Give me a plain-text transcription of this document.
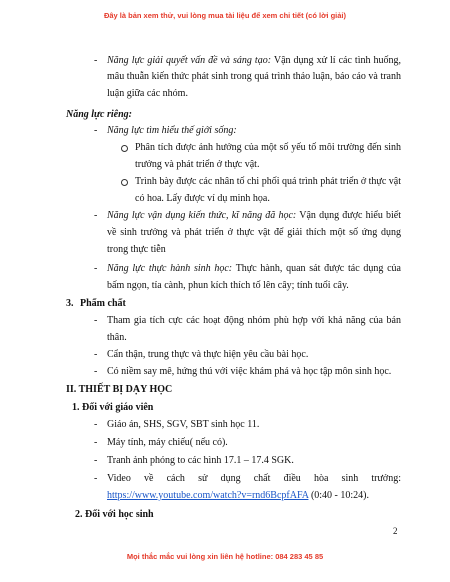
Đây là bản xem thử, vui lòng mua tài liệu để xem chi tiết (có lời giải)
- Năng lực giải quyết vấn đề và sáng tạo: Vận dụng xử lí các tình huống,
mâu thuẫn kiến thức phát sinh trong quá trình thảo luận, báo cáo và tranh
luận giữa các nhóm.
Năng lực riêng:
- Năng lực tìm hiểu thế giới sống:
Phân tích được ảnh hưởng của một số yếu tố môi trường đến sinh
trưởng và phát triển ở thực vật.
Trình bày được các nhân tố chi phối quá trình phát triển ở thực vật
có hoa. Lấy được ví dụ minh họa.
- Năng lực vận dụng kiến thức, kĩ năng đã học: Vận dụng được hiểu biết
về sinh trưởng và phát triển ở thực vật để giải thích một số ứng dụng
trong thực tiễn
- Năng lực thực hành sinh học: Thực hành, quan sát được tác dụng của
bấm ngọn, tỉa cành, phun kích thích tố lên cây; tính tuổi cây.
3. Phẩm chất
- Tham gia tích cực các hoạt động nhóm phù hợp với khả năng của bản
thân.
- Cẩn thận, trung thực và thực hiện yêu cầu bài học.
- Có niềm say mê, hứng thú với việc khám phá và học tập môn sinh học.
II. THIẾT BỊ DẠY HỌC
1. Đối với giáo viên
- Giáo án, SHS, SGV, SBT sinh học 11.
- Máy tính, máy chiếu( nếu có).
- Tranh ảnh phóng to các hình 17.1 – 17.4 SGK.
- Video về cách sử dụng chất điều hòa sinh trưởng:
https://www.youtube.com/watch?v=rnd6BcpfAFA (0:40 - 10:24).
2. Đối với học sinh
2
Mọi thắc mắc vui lòng xin liên hệ hotline: 084 283 45 85
